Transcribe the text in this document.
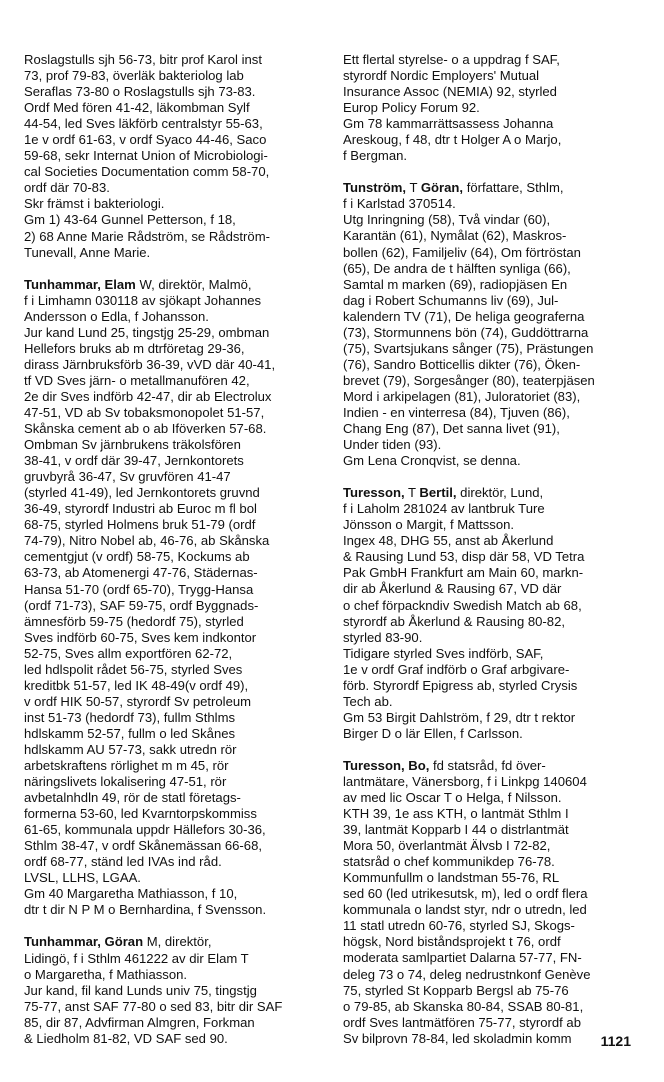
Roslagstulls sjh 56-73, bitr prof Karol inst
73, prof 79-83, överläk bakteriolog lab
Seraflas 73-80 o Roslagstulls sjh 73-83.
Ordf Med fören 41-42, läkombman Sylf
44-54, led Sves läkförb centralstyr 55-63,
1e v ordf 61-63, v ordf Syaco 44-46, Saco
59-68, sekr Internat Union of Microbiologi-
cal Societies Documentation comm 58-70,
ordf där 70-83.
Skr främst i bakteriologi.
Gm 1) 43-64 Gunnel Petterson, f 18,
2) 68 Anne Marie Rådström, se Rådström-
Tunevall, Anne Marie.
Tunhammar, Elam W, direktör, Malmö,
f i Limhamn 030118 av sjökapt Johannes
Andersson o Edla, f Johansson.
Jur kand Lund 25, tingstjg 25-29, ombman
Hellefors bruks ab m dtrföretag 29-36,
dirass Järnbruksförb 36-39, vVD där 40-41,
tf VD Sves järn- o metallmanufören 42,
2e dir Sves indförb 42-47, dir ab Electrolux
47-51, VD ab Sv tobaksmonopolet 51-57,
Skånska cement ab o ab Iföverken 57-68.
Ombman Sv järnbrukens träkolsfören
38-41, v ordf där 39-47, Jernkontorets
gruvbyrå 36-47, Sv gruvfören 41-47
(styrled 41-49), led Jernkontorets gruvnd
36-49, styrordf Industri ab Euroc m fl bol
68-75, styrled Holmens bruk 51-79 (ordf
74-79), Nitro Nobel ab, 46-76, ab Skånska
cementgjut (v ordf) 58-75, Kockums ab
63-73, ab Atomenergi 47-76, Städernas-
Hansa 51-70 (ordf 65-70), Trygg-Hansa
(ordf 71-73), SAF 59-75, ordf Byggnads-
ämnesförb 59-75 (hedordf 75), styrled
Sves indförb 60-75, Sves kem indkontor
52-75, Sves allm exportfören 62-72,
led hdlspolit rådet 56-75, styrled Sves
kreditbk 51-57, led IK 48-49(v ordf 49),
v ordf HIK 50-57, styrordf Sv petroleum
inst 51-73 (hedordf 73), fullm Sthlms
hdlskamm 52-57, fullm o led Skånes
hdlskamm AU 57-73, sakk utredn rör
arbetskraftens rörlighet m m 45, rör
näringslivets lokalisering 47-51, rör
avbetalnhdln 49, rör de statl företags-
formerna 53-60, led Kvarntorpskommiss
61-65, kommunala uppdr Hällefors 30-36,
Sthlm 38-47, v ordf Skånemässan 66-68,
ordf 68-77, ständ led IVAs ind råd.
LVSL, LLHS, LGAA.
Gm 40 Margaretha Mathiasson, f 10,
dtr t dir N P M o Bernhardina, f Svensson.
Tunhammar, Göran M, direktör,
Lidingö, f i Sthlm 461222 av dir Elam T
o Margaretha, f Mathiasson.
Jur kand, fil kand Lunds univ 75, tingstjg
75-77, anst SAF 77-80 o sed 83, bitr dir SAF
85, dir 87, Advfirman Almgren, Forkman
& Liedholm 81-82, VD SAF sed 90.
Ett flertal styrelse- o a uppdrag f SAF,
styrordf Nordic Employers' Mutual
Insurance Assoc (NEMIA) 92, styrled
Europ Policy Forum 92.
Gm 78 kammarrättsassess Johanna
Areskoug, f 48, dtr t Holger A o Marjo,
f Bergman.
Tunström, T Göran, författare, Sthlm,
f i Karlstad 370514.
Utg Inringning (58), Två vindar (60),
Karantän (61), Nymålat (62), Maskros-
bollen (62), Familjeliv (64), Om förtröstan
(65), De andra de t hälften synliga (66),
Samtal m marken (69), radiopjäsen En
dag i Robert Schumanns liv (69), Jul-
kalendern TV (71), De heliga geograferna
(73), Stormunnens bön (74), Guddöttrarna
(75), Svartsjukans sånger (75), Prästungen
(76), Sandro Botticellis dikter (76), Öken-
brevet (79), Sorgesånger (80), teaterpjäsen
Mord i arkipelagen (81), Juloratoriet (83),
Indien - en vinterresa (84), Tjuven (86),
Chang Eng (87), Det sanna livet (91),
Under tiden (93).
Gm Lena Cronqvist, se denna.
Turesson, T Bertil, direktör, Lund,
f i Laholm 281024 av lantbruk Ture
Jönsson o Margit, f Mattsson.
Ingex 48, DHG 55, anst ab Åkerlund
& Rausing Lund 53, disp där 58, VD Tetra
Pak GmbH Frankfurt am Main 60, markn-
dir ab Åkerlund & Rausing 67, VD där
o chef förpackndiv Swedish Match ab 68,
styrordf ab Åkerlund & Rausing 80-82,
styrled 83-90.
Tidigare styrled Sves indförb, SAF,
1e v ordf Graf indförb o Graf arbgivare-
förb. Styrordf Epigress ab, styrled Crysis
Tech ab.
Gm 53 Birgit Dahlström, f 29, dtr t rektor
Birger D o lär Ellen, f Carlsson.
Turesson, Bo, fd statsråd, fd över-
lantmätare, Vänersborg, f i Linkpg 140604
av med lic Oscar T o Helga, f Nilsson.
KTH 39, 1e ass KTH, o lantmät Sthlm I
39, lantmät Kopparb I 44 o distrlantmät
Mora 50, överlantmät Älvsb I 72-82,
statsråd o chef kommunikdep 76-78.
Kommunfullm o landstman 55-76, RL
sed 60 (led utrikesutsk, m), led o ordf flera
kommunala o landst styr, ndr o utredn, led
11 statl utredn 60-76, styrled SJ, Skogs-
högsk, Nord biståndsprojekt t 76, ordf
moderata samlpartiet Dalarna 57-77, FN-
deleg 73 o 74, deleg nedrustnkonf Genève
75, styrled St Kopparb Bergsl ab 75-76
o 79-85, ab Skanska 80-84, SSAB 80-81,
ordf Sves lantmätfören 75-77, styrordf ab
Sv bilprovn 78-84, led skoladmin komm	1121
